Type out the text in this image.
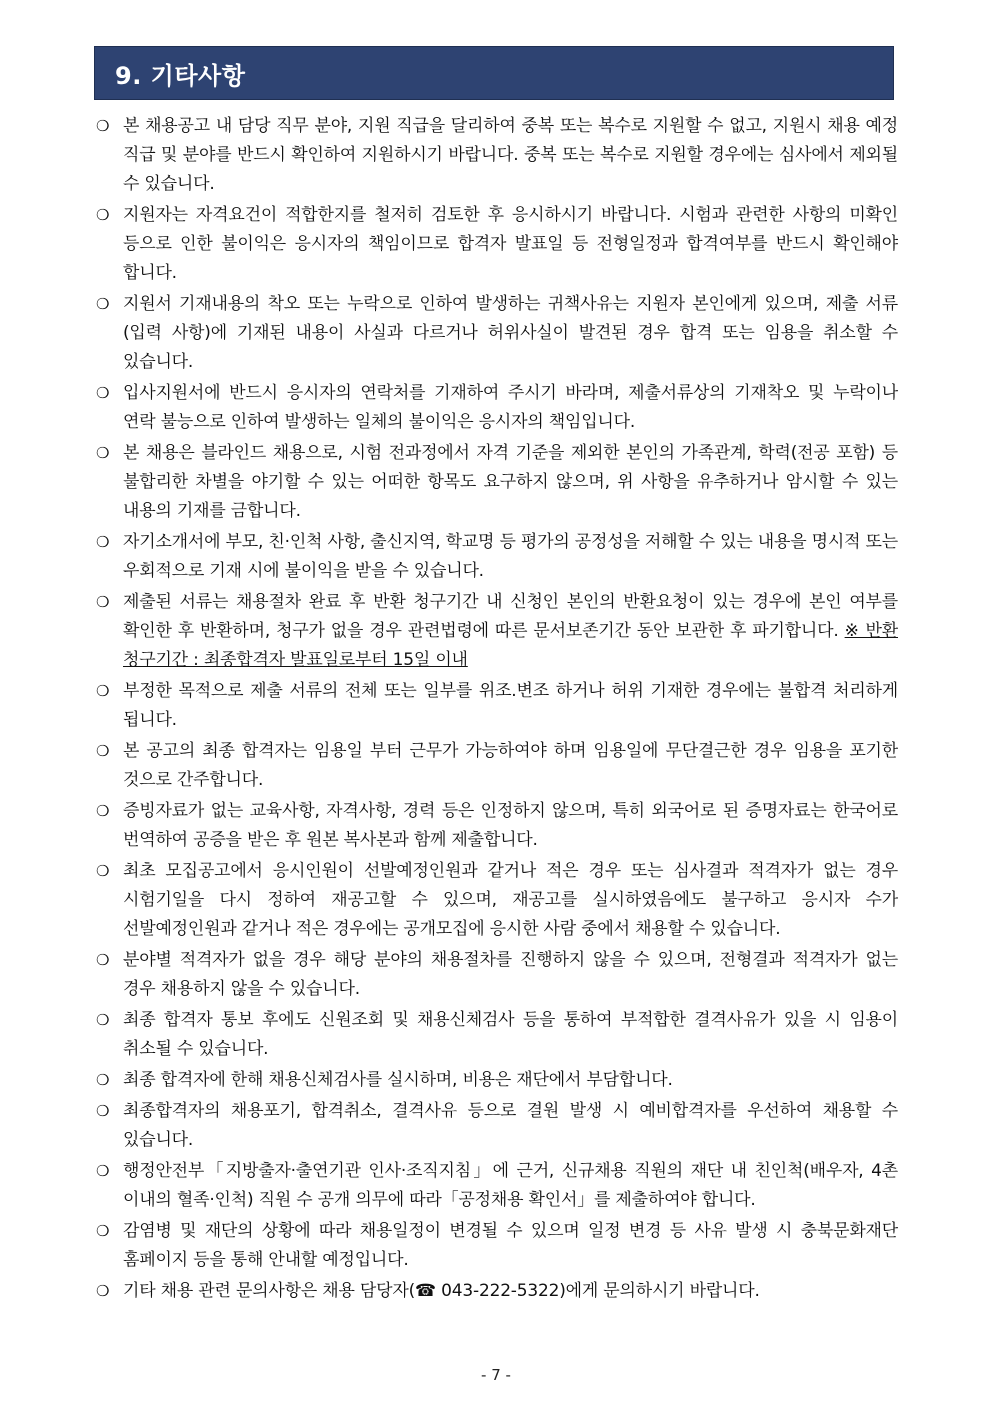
9. 기타사항
❍ 본 채용공고 내 담당 직무 분야, 지원 직급을 달리하여 중복 또는 복수로 지원할 수 없고, 지원시 채용 예정 직급 및 분야를 반드시 확인하여 지원하시기 바랍니다. 중복 또는 복수로 지원할 경우에는 심사에서 제외될 수 있습니다.
❍ 지원자는 자격요건이 적합한지를 철저히 검토한 후 응시하시기 바랍니다. 시험과 관련한 사항의 미확인 등으로 인한 불이익은 응시자의 책임이므로 합격자 발표일 등 전형일정과 합격여부를 반드시 확인해야 합니다.
❍ 지원서 기재내용의 착오 또는 누락으로 인하여 발생하는 귀책사유는 지원자 본인에게 있으며, 제출 서류(입력 사항)에 기재된 내용이 사실과 다르거나 허위사실이 발견된 경우 합격 또는 임용을 취소할 수 있습니다.
❍ 입사지원서에 반드시 응시자의 연락처를 기재하여 주시기 바라며, 제출서류상의 기재착오 및 누락이나 연락 불능으로 인하여 발생하는 일체의 불이익은 응시자의 책임입니다.
❍ 본 채용은 블라인드 채용으로, 시험 전과정에서 자격 기준을 제외한 본인의 가족관계, 학력(전공 포함) 등 불합리한 차별을 야기할 수 있는 어떠한 항목도 요구하지 않으며, 위 사항을 유추하거나 암시할 수 있는 내용의 기재를 금합니다.
❍ 자기소개서에 부모, 친·인척 사항, 출신지역, 학교명 등 평가의 공정성을 저해할 수 있는 내용을 명시적 또는 우회적으로 기재 시에 불이익을 받을 수 있습니다.
❍ 제출된 서류는 채용절차 완료 후 반환 청구기간 내 신청인 본인의 반환요청이 있는 경우에 본인 여부를 확인한 후 반환하며, 청구가 없을 경우 관련법령에 따른 문서보존기간 동안 보관한 후 파기합니다. ※ 반환 청구기간 : 최종합격자 발표일로부터 15일 이내
❍ 부정한 목적으로 제출 서류의 전체 또는 일부를 위조.변조 하거나 허위 기재한 경우에는 불합격 처리하게 됩니다.
❍ 본 공고의 최종 합격자는 임용일 부터 근무가 가능하여야 하며 임용일에 무단결근한 경우 임용을 포기한 것으로 간주합니다.
❍ 증빙자료가 없는 교육사항, 자격사항, 경력 등은 인정하지 않으며, 특히 외국어로 된 증명자료는 한국어로 번역하여 공증을 받은 후 원본 복사본과 함께 제출합니다.
❍ 최초 모집공고에서 응시인원이 선발예정인원과 같거나 적은 경우 또는 심사결과 적격자가 없는 경우 시험기일을 다시 정하여 재공고할 수 있으며, 재공고를 실시하였음에도 불구하고 응시자 수가 선발예정인원과 같거나 적은 경우에는 공개모집에 응시한 사람 중에서 채용할 수 있습니다.
❍ 분야별 적격자가 없을 경우 해당 분야의 채용절차를 진행하지 않을 수 있으며, 전형결과 적격자가 없는 경우 채용하지 않을 수 있습니다.
❍ 최종 합격자 통보 후에도 신원조회 및 채용신체검사 등을 통하여 부적합한 결격사유가 있을 시 임용이 취소될 수 있습니다.
❍ 최종 합격자에 한해 채용신체검사를 실시하며, 비용은 재단에서 부담합니다.
❍ 최종합격자의 채용포기, 합격취소, 결격사유 등으로 결원 발생 시 예비합격자를 우선하여 채용할 수 있습니다.
❍ 행정안전부「지방출자·출연기관 인사·조직지침」에 근거, 신규채용 직원의 재단 내 친인척(배우자, 4촌 이내의 혈족·인척) 직원 수 공개 의무에 따라「공정채용 확인서」를 제출하여야 합니다.
❍ 감염병 및 재단의 상황에 따라 채용일정이 변경될 수 있으며 일정 변경 등 사유 발생 시 충북문화재단 홈페이지 등을 통해 안내할 예정입니다.
❍ 기타 채용 관련 문의사항은 채용 담당자(☎ 043-222-5322)에게 문의하시기 바랍니다.
- 7 -
